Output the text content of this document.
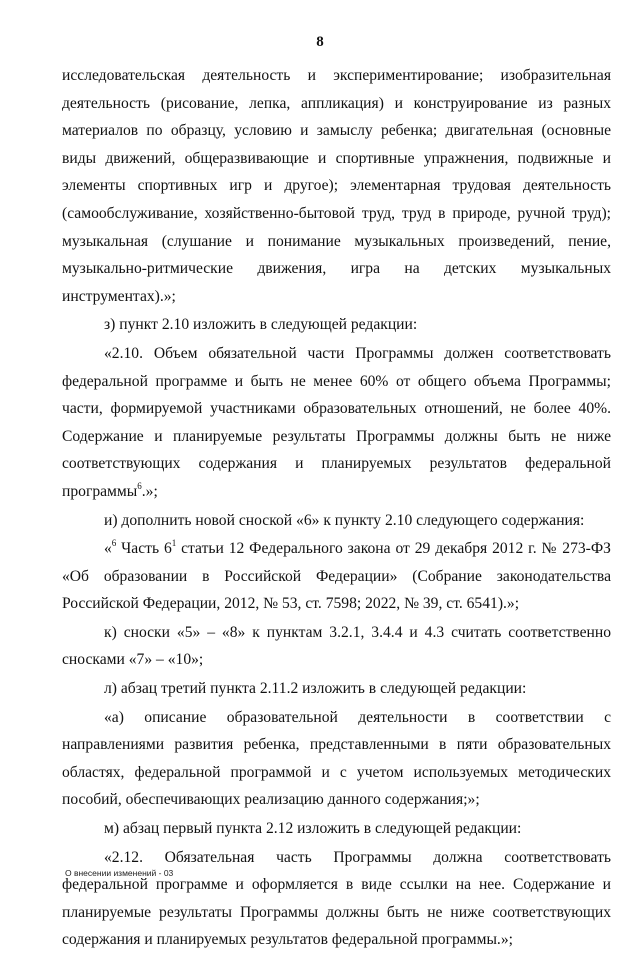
8

исследовательская деятельность и экспериментирование; изобразительная деятельность (рисование, лепка, аппликация) и конструирование из разных материалов по образцу, условию и замыслу ребенка; двигательная (основные виды движений, общеразвивающие и спортивные упражнения, подвижные и элементы спортивных игр и другое); элементарная трудовая деятельность (самообслуживание, хозяйственно-бытовой труд, труд в природе, ручной труд); музыкальная (слушание и понимание музыкальных произведений, пение, музыкально-ритмические движения, игра на детских музыкальных инструментах).»;

з) пункт 2.10 изложить в следующей редакции:

«2.10. Объем обязательной части Программы должен соответствовать федеральной программе и быть не менее 60% от общего объема Программы; части, формируемой участниками образовательных отношений, не более 40%. Содержание и планируемые результаты Программы должны быть не ниже соответствующих содержания и планируемых результатов федеральной программы$^6$.»;

и) дополнить новой сноской «6» к пункту 2.10 следующего содержания:

«$^6$ Часть $6^1$ статьи 12 Федерального закона от 29 декабря 2012 г. № 273-ФЗ «Об образовании в Российской Федерации» (Собрание законодательства Российской Федерации, 2012, № 53, ст. 7598; 2022, № 39, ст. 6541).»;

к) сноски «5» – «8» к пунктам 3.2.1, 3.4.4 и 4.3 считать соответственно сносками «7» – «10»;

л) абзац третий пункта 2.11.2 изложить в следующей редакции:

«а) описание образовательной деятельности в соответствии с направлениями развития ребенка, представленными в пяти образовательных областях, федеральной программой и с учетом используемых методических пособий, обеспечивающих реализацию данного содержания;»;

м) абзац первый пункта 2.12 изложить в следующей редакции:

«2.12. Обязательная часть Программы должна соответствовать федеральной программе и оформляется в виде ссылки на нее. Содержание и планируемые результаты Программы должны быть не ниже соответствующих содержания и планируемых результатов федеральной программы.»;

О внесении изменений - 03
